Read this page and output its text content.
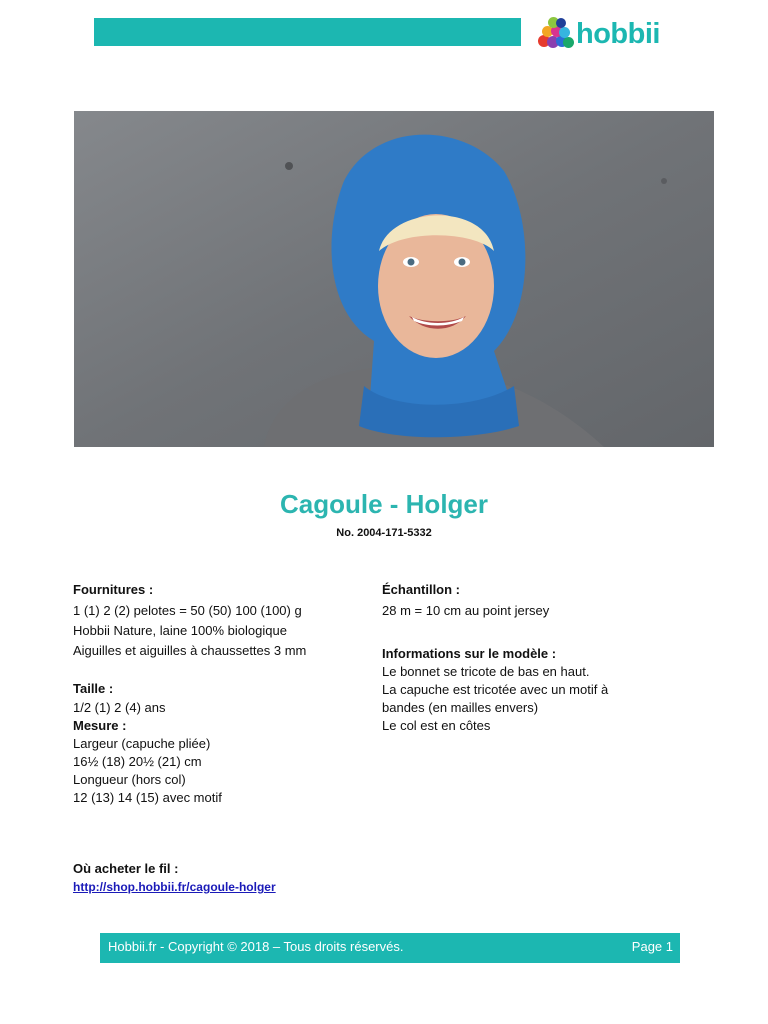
hobbii
Cagoule - Holger
No. 2004-171-5332

Fournitures :

1 (1) 2 (2) pelotes = 50 (50) 100 (100) g

Hobbii Nature, laine 100% biologique

Aiguilles et aiguilles à chaussettes 3 mm

Taille :

1/2 (1) 2 (4) ans

Mesure :

Largeur (capuche pliée)

16½ (18) 20½ (21) cm

Longueur (hors col)

12 (13) 14 (15) avec motif

Où acheter le fil :

http://shop.hobbii.fr/cagoule-holger

Échantillon :

28 m = 10 cm au point jersey

Informations sur le modèle :

Le bonnet se tricote de bas en haut.

La capuche est tricotée avec un motif à

bandes (en mailles envers)

Le col est en côtes

Hobbii.fr - Copyright © 2018 – Tous droits réservés.	Page 1
